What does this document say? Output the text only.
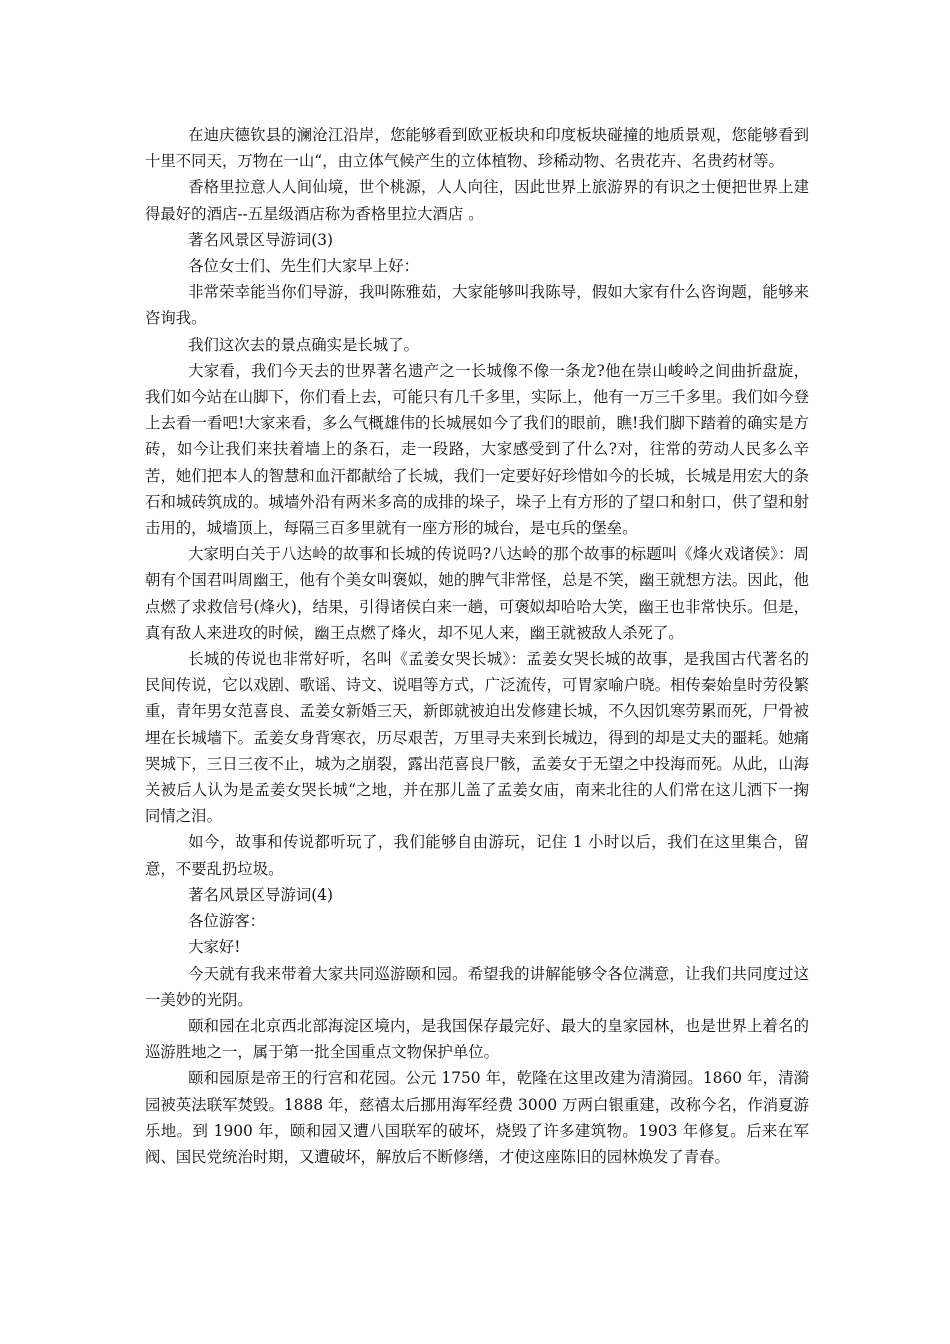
在迪庆德钦县的澜沧江沿岸，您能够看到欧亚板块和印度板块碰撞的地质景观，您能够看到十里不同天，万物在一山“，由立体气候产生的立体植物、珍稀动物、名贵花卉、名贵药材等。

香格里拉意人人间仙境，世个桃源，人人向往，因此世界上旅游界的有识之士便把世界上建得最好的酒店--五星级酒店称为香格里拉大酒店 。

著名风景区导游词(3)

各位女士们、先生们大家早上好：

非常荣幸能当你们导游，我叫陈雅茹，大家能够叫我陈导，假如大家有什么咨询题，能够来咨询我。

我们这次去的景点确实是长城了。

大家看，我们今天去的世界著名遗产之一长城像不像一条龙?他在崇山峻岭之间曲折盘旋，我们如今站在山脚下，你们看上去，可能只有几千多里，实际上，他有一万三千多里。我们如今登上去看一看吧!大家来看，多么气概雄伟的长城展如今了我们的眼前，瞧!我们脚下踏着的确实是方砖，如今让我们来扶着墙上的条石，走一段路，大家感受到了什么?对，往常的劳动人民多么辛苦，她们把本人的智慧和血汗都献给了长城，我们一定要好好珍惜如今的长城，长城是用宏大的条石和城砖筑成的。城墙外沿有两米多高的成排的垛子，垛子上有方形的了望口和射口，供了望和射击用的，城墙顶上，每隔三百多里就有一座方形的城台，是屯兵的堡垒。

大家明白关于八达岭的故事和长城的传说吗?八达岭的那个故事的标题叫《烽火戏诸侯》：周朝有个国君叫周幽王，他有个美女叫褒姒，她的脾气非常怪，总是不笑，幽王就想方法。因此，他点燃了求救信号(烽火)，结果，引得诸侯白来一趟，可褒姒却哈哈大笑，幽王也非常快乐。但是，真有敌人来进攻的时候，幽王点燃了烽火，却不见人来，幽王就被敌人杀死了。

长城的传说也非常好听，名叫《孟姜女哭长城》：孟姜女哭长城的故事，是我国古代著名的民间传说，它以戏剧、歌谣、诗文、说唱等方式，广泛流传，可胃家喻户晓。相传秦始皇时劳役繁重，青年男女范喜良、孟姜女新婚三天，新郎就被迫出发修建长城，不久因饥寒劳累而死，尸骨被埋在长城墙下。孟姜女身背寒衣，历尽艰苦，万里寻夫来到长城边，得到的却是丈夫的噩耗。她痛哭城下，三日三夜不止，城为之崩裂，露出范喜良尸骸，孟姜女于无望之中投海而死。从此，山海关被后人认为是孟姜女哭长城“之地，并在那儿盖了孟姜女庙，南来北往的人们常在这儿洒下一掬同情之泪。

如今，故事和传说都听玩了，我们能够自由游玩，记住 1 小时以后，我们在这里集合，留意，不要乱扔垃圾。

著名风景区导游词(4)

各位游客：

大家好!

今天就有我来带着大家共同巡游颐和园。希望我的讲解能够令各位满意，让我们共同度过这一美妙的光阴。

颐和园在北京西北部海淀区境内，是我国保存最完好、最大的皇家园林，也是世界上着名的巡游胜地之一，属于第一批全国重点文物保护单位。

颐和园原是帝王的行宫和花园。公元 1750 年，乾隆在这里改建为清漪园。1860 年，清漪园被英法联军焚毁。1888 年，慈禧太后挪用海军经费 3000 万两白银重建，改称今名，作消夏游乐地。到 1900 年，颐和园又遭八国联军的破坏，烧毁了许多建筑物。1903 年修复。后来在军阀、国民党统治时期，又遭破坏，解放后不断修缮，才使这座陈旧的园林焕发了青春。
